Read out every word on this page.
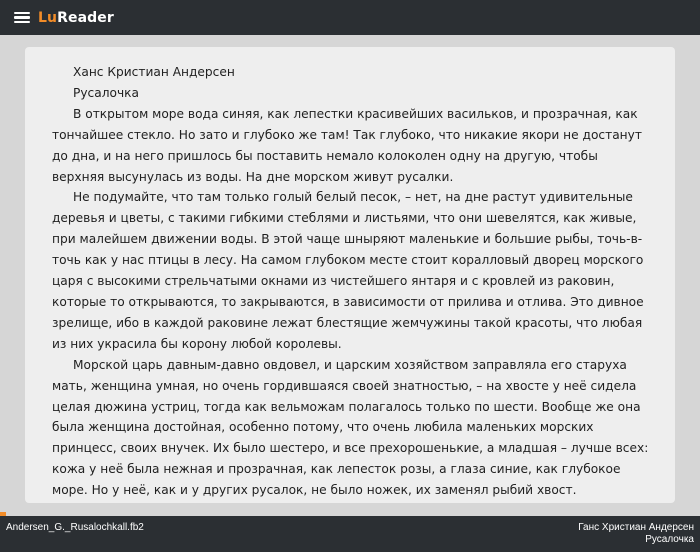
LuReader

Ханс Кристиан Андерсен

Русалочка

В открытом море вода синяя, как лепестки красивейших васильков, и прозрачная, как тончайшее стекло. Но зато и глубоко же там! Так глубоко, что никакие якори не достанут до дна, и на него пришлось бы поставить немало колоколен одну на другую, чтобы верхняя высунулась из воды. На дне морском живут русалки.

Не подумайте, что там только голый белый песок, – нет, на дне растут удивительные деревья и цветы, с такими гибкими стеблями и листьями, что они шевелятся, как живые, при малейшем движении воды. В этой чаще шныряют маленькие и большие рыбы, точь-в-точь как у нас птицы в лесу. На самом глубоком месте стоит коралловый дворец морского царя с высокими стрельчатыми окнами из чистейшего янтаря и с кровлей из раковин, которые то открываются, то закрываются, в зависимости от прилива и отлива. Это дивное зрелище, ибо в каждой раковине лежат блестящие жемчужины такой красоты, что любая из них украсила бы корону любой королевы.

Морской царь давным-давно овдовел, и царским хозяйством заправляла его старуха мать, женщина умная, но очень гордившаяся своей знатностью, – на хвосте у неё сидела целая дюжина устриц, тогда как вельможам полагалось только по шести. Вообще же она была женщина достойная, особенно потому, что очень любила маленьких морских принцесс, своих внучек. Их было шестеро, и все прехорошенькие, а младшая – лучше всех: кожа у неё была нежная и прозрачная, как лепесток розы, а глаза синие, как глубокое море. Но у неё, как и у других русалок, не было ножек, их заменял рыбий хвост.

Andersen_G._Rusalochkall.fb2	Ганс Христиан Андерсен
Русалочка
